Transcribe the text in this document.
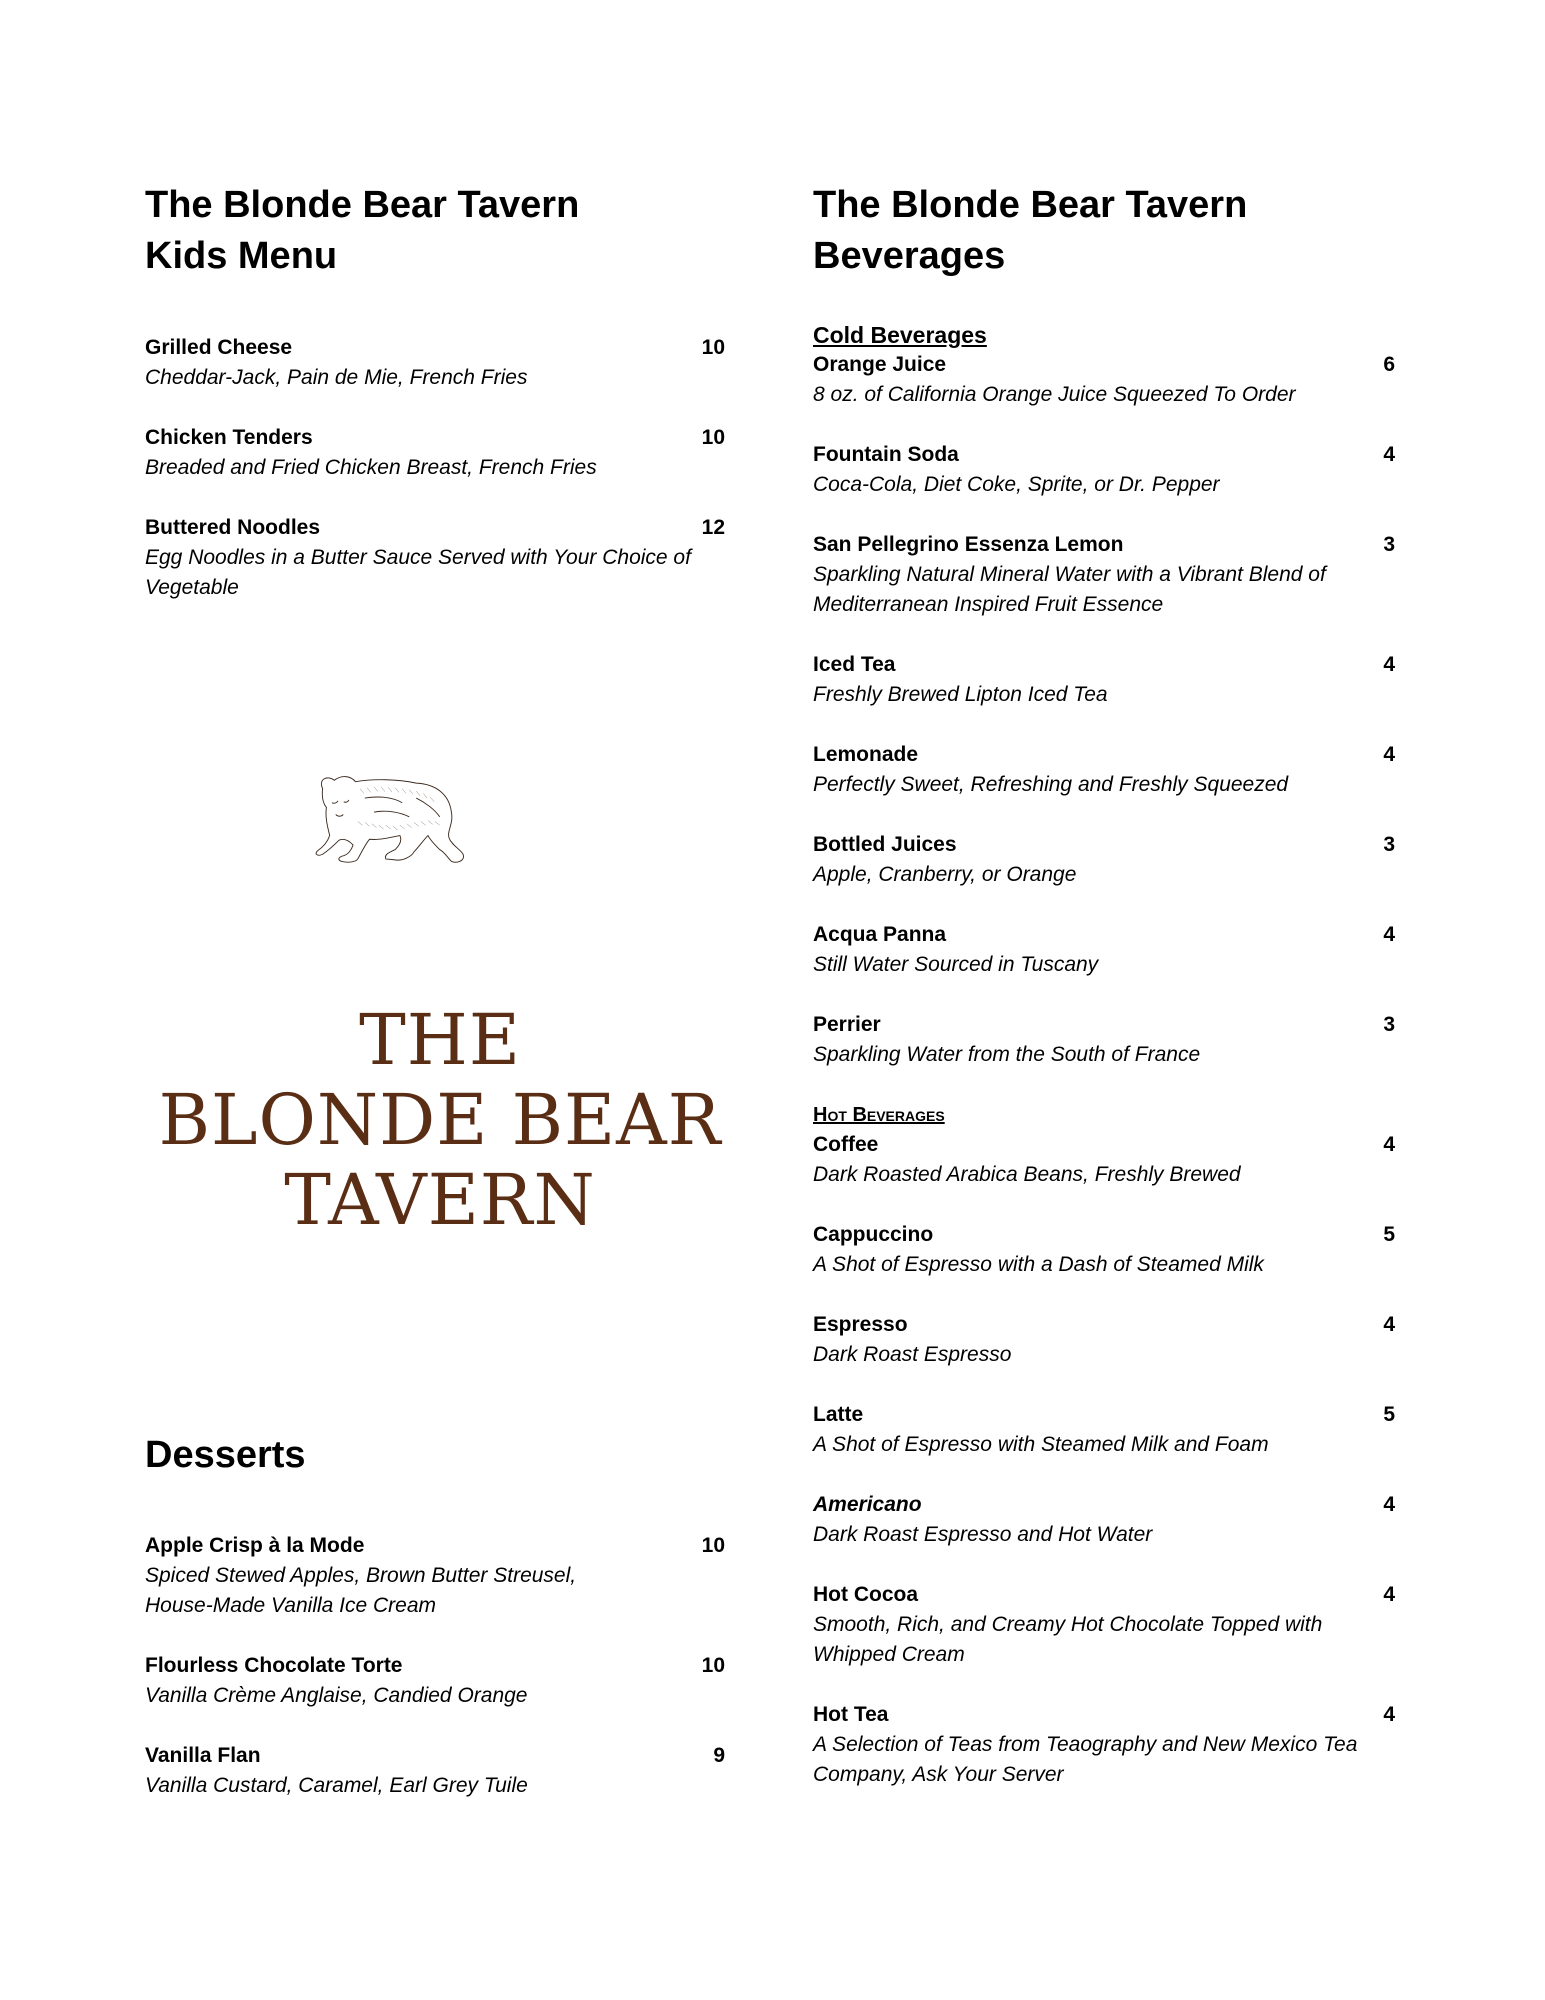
The Blonde Bear Tavern
Kids Menu
Grilled Cheese	10
Cheddar-Jack, Pain de Mie, French Fries
Chicken Tenders	10
Breaded and Fried Chicken Breast, French Fries
Buttered Noodles	12
Egg Noodles in a Butter Sauce Served with Your Choice of Vegetable
THE
BLONDE BEAR
TAVERN
Desserts
Apple Crisp à la Mode	10
Spiced Stewed Apples, Brown Butter Streusel, House-Made Vanilla Ice Cream
Flourless Chocolate Torte	10
Vanilla Crème Anglaise, Candied Orange
Vanilla Flan	9
Vanilla Custard, Caramel, Earl Grey Tuile
The Blonde Bear Tavern
Beverages
Cold Beverages
Orange Juice	6
8 oz. of California Orange Juice Squeezed To Order
Fountain Soda	4
Coca-Cola, Diet Coke, Sprite, or Dr. Pepper
San Pellegrino Essenza Lemon	3
Sparkling Natural Mineral Water with a Vibrant Blend of Mediterranean Inspired Fruit Essence
Iced Tea	4
Freshly Brewed Lipton Iced Tea
Lemonade	4
Perfectly Sweet, Refreshing and Freshly Squeezed
Bottled Juices	3
Apple, Cranberry, or Orange
Acqua Panna	4
Still Water Sourced in Tuscany
Perrier	3
Sparkling Water from the South of France
Hot Beverages
Coffee	4
Dark Roasted Arabica Beans, Freshly Brewed
Cappuccino	5
A Shot of Espresso with a Dash of Steamed Milk
Espresso	4
Dark Roast Espresso
Latte	5
A Shot of Espresso with Steamed Milk and Foam
Americano	4
Dark Roast Espresso and Hot Water
Hot Cocoa	4
Smooth, Rich, and Creamy Hot Chocolate Topped with Whipped Cream
Hot Tea	4
A Selection of Teas from Teaography and New Mexico Tea Company, Ask Your Server
